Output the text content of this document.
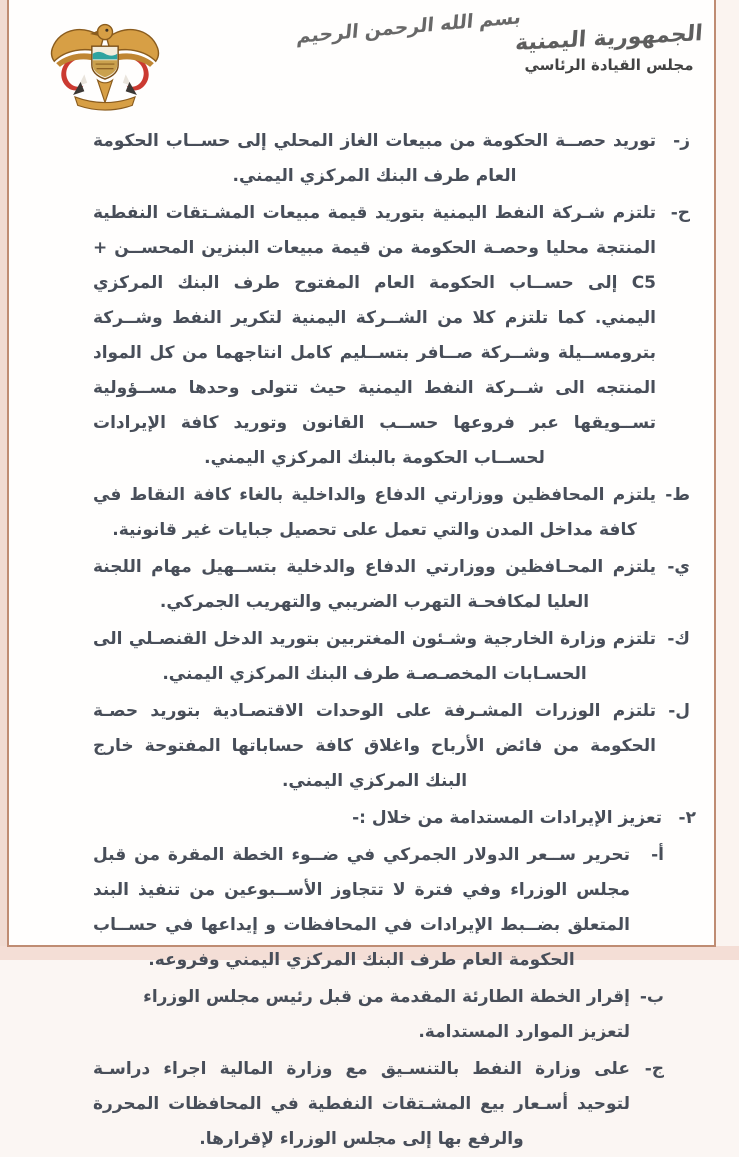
بسم الله الرحمن الرحيم
الجمهورية اليمنية
مجلس القيادة الرئاسي
ز-
توريد حصــة الحكومة من مبيعات الغاز المحلي إلى حســاب الحكومة العام طرف البنك المركزي اليمني.
ح-
تلتزم شـركة النفط اليمنية بتوريد قيمة مبيعات المشـتقات النفطية المنتجة محليا وحصـة الحكومة من قيمة مبيعات البنزين المحســن + C5 إلى حســاب الحكومة العام المفتوح طرف البنك المركزي اليمني. كما تلتزم كلا من الشــركة اليمنية لتكرير النفط وشــركة بترومســيلة وشــركة صــافر بتســليم كامل انتاجهما من كل المواد المنتجه الى شــركة النفط اليمنية حيث تتولى وحدها مســؤولية تســويقها عبر فروعها حســب القانون وتوريد كافة الإيرادات لحســاب الحكومة بالبنك المركزي اليمني.
ط-
يلتزم المحافظين ووزارتي الدفاع والداخلية بالغاء كافة النقاط في كافة مداخل المدن والتي تعمل على تحصيل جبايات غير قانونية.
ي-
يلتزم المحـافظين ووزارتي الدفاع والدخلية بتســهيل مهام اللجنة العليا لمكافحـة التهرب الضريبي والتهريب الجمركي.
ك-
تلتزم وزارة الخارجية وشـئون المغتربين بتوريد الدخل القنصـلي الى الحسـابات المخصـصـة طرف البنك المركزي اليمني.
ل-
تلتزم الوزرات المشـرفة على الوحدات الاقتصـادية بتوريد حصـة الحكومة من فائض الأرباح واغلاق كافة حساباتها المفتوحة خارج البنك المركزي اليمني.
٢-
تعزيز الإيرادات المستدامة من خلال :-
أ-
تحرير ســعر الدولار الجمركي في ضــوء الخطة المقرة من قبل مجلس الوزراء وفي فترة لا تتجاوز الأســبوعين من تنفيذ البند المتعلق بضــبط الإيرادات في المحافظات و إيداعها في حســاب الحكومة العام طرف البنك المركزي اليمني وفروعه.
ب-
إقرار الخطة الطارئة المقدمة من قبل رئيس مجلس الوزراء لتعزيز الموارد المستدامة.
ج-
على وزارة النفط بالتنسـيق مع وزارة المالية اجراء دراسـة لتوحيد أسـعار بيع المشـتقات النفطية في المحافظات المحررة والرفع بها إلى مجلس الوزراء لإقرارها.
